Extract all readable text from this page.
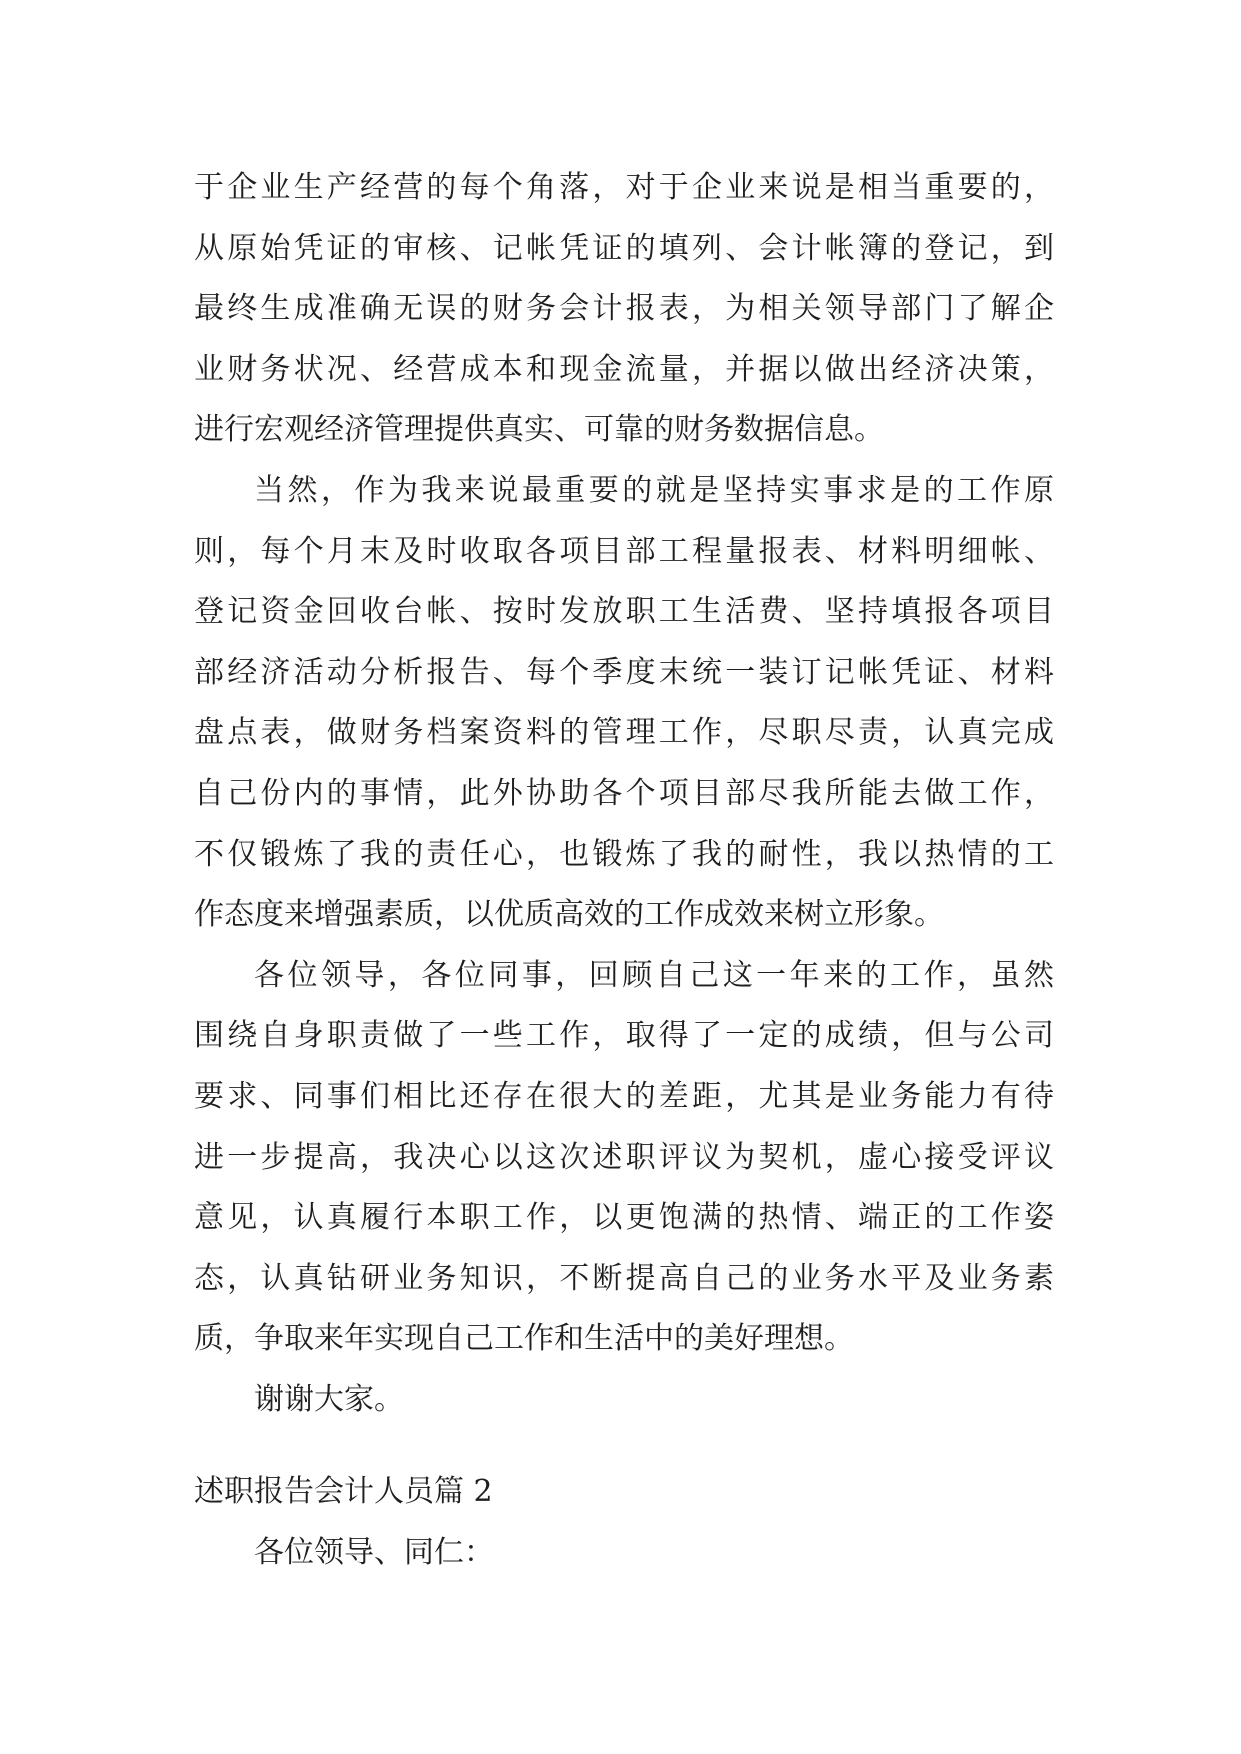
于企业生产经营的每个角落，对于企业来说是相当重要的，
从原始凭证的审核、记帐凭证的填列、会计帐簿的登记，到
最终生成准确无误的财务会计报表，为相关领导部门了解企
业财务状况、经营成本和现金流量，并据以做出经济决策，
进行宏观经济管理提供真实、可靠的财务数据信息。
当然，作为我来说最重要的就是坚持实事求是的工作原
则，每个月末及时收取各项目部工程量报表、材料明细帐、
登记资金回收台帐、按时发放职工生活费、坚持填报各项目
部经济活动分析报告、每个季度末统一装订记帐凭证、材料
盘点表，做财务档案资料的管理工作，尽职尽责，认真完成
自己份内的事情，此外协助各个项目部尽我所能去做工作，
不仅锻炼了我的责任心，也锻炼了我的耐性，我以热情的工
作态度来增强素质，以优质高效的工作成效来树立形象。
各位领导，各位同事，回顾自己这一年来的工作，虽然
围绕自身职责做了一些工作，取得了一定的成绩，但与公司
要求、同事们相比还存在很大的差距，尤其是业务能力有待
进一步提高，我决心以这次述职评议为契机，虚心接受评议
意见，认真履行本职工作，以更饱满的热情、端正的工作姿
态，认真钻研业务知识，不断提高自己的业务水平及业务素
质，争取来年实现自己工作和生活中的美好理想。
谢谢大家。
述职报告会计人员篇 2
各位领导、同仁：
